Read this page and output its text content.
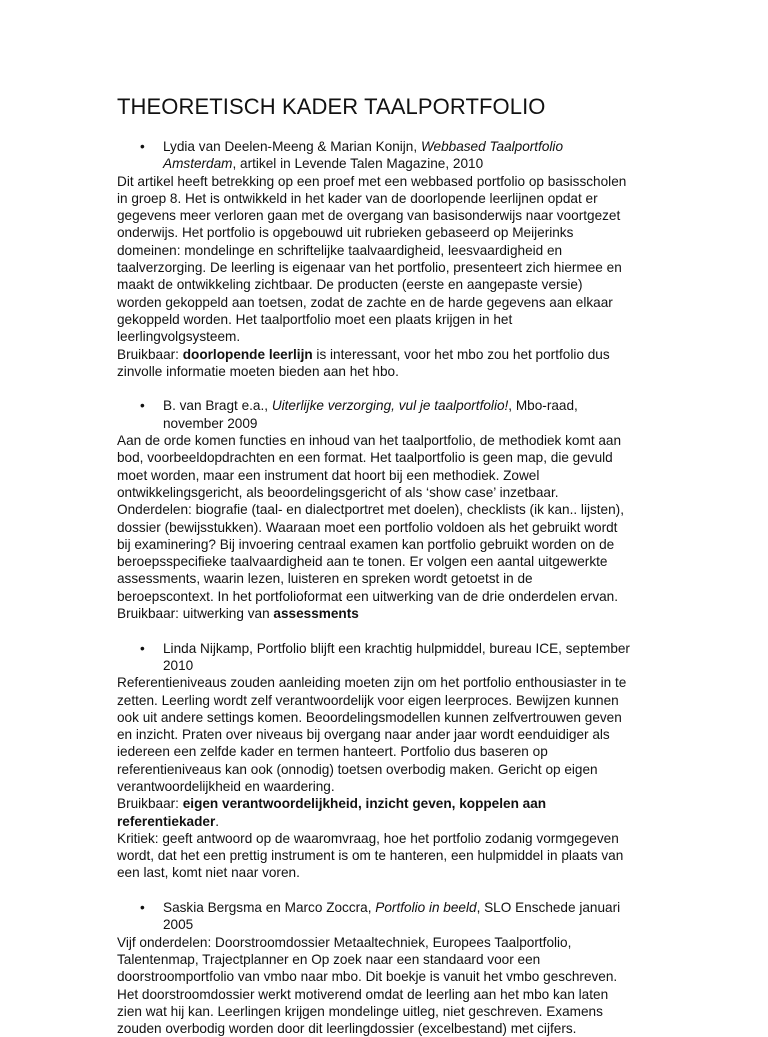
THEORETISCH KADER TAALPORTFOLIO
• Lydia van Deelen-Meeng & Marian Konijn, Webbased Taalportfolio
Amsterdam, artikel in Levende Talen Magazine, 2010
Dit artikel heeft betrekking op een proef met een webbased portfolio op basisscholen
in groep 8. Het is ontwikkeld in het kader van de doorlopende leerlijnen opdat er
gegevens meer verloren gaan met de overgang van basisonderwijs naar voortgezet
onderwijs. Het portfolio is opgebouwd uit rubrieken gebaseerd op Meijerinks
domeinen: mondelinge en schriftelijke taalvaardigheid, leesvaardigheid en
taalverzorging. De leerling is eigenaar van het portfolio, presenteert zich hiermee en
maakt de ontwikkeling zichtbaar. De producten (eerste en aangepaste versie)
worden gekoppeld aan toetsen, zodat de zachte en de harde gegevens aan elkaar
gekoppeld worden. Het taalportfolio moet een plaats krijgen in het
leerlingvolgsysteem.
Bruikbaar: doorlopende leerlijn is interessant, voor het mbo zou het portfolio dus
zinvolle informatie moeten bieden aan het hbo.
• B. van Bragt e.a., Uiterlijke verzorging, vul je taalportfolio!, Mbo-raad,
november 2009
Aan de orde komen functies en inhoud van het taalportfolio, de methodiek komt aan
bod, voorbeeldopdrachten en een format. Het taalportfolio is geen map, die gevuld
moet worden, maar een instrument dat hoort bij een methodiek. Zowel
ontwikkelingsgericht, als beoordelingsgericht of als ‘show case’ inzetbaar.
Onderdelen: biografie (taal- en dialectportret met doelen), checklists (ik kan.. lijsten),
dossier (bewijsstukken). Waaraan moet een portfolio voldoen als het gebruikt wordt
bij examinering? Bij invoering centraal examen kan portfolio gebruikt worden on de
beroepsspecifieke taalvaardigheid aan te tonen. Er volgen een aantal uitgewerkte
assessments, waarin lezen, luisteren en spreken wordt getoetst in de
beroepscontext. In het portfolioformat een uitwerking van de drie onderdelen ervan.
Bruikbaar: uitwerking van assessments
• Linda Nijkamp, Portfolio blijft een krachtig hulpmiddel, bureau ICE, september
2010
Referentieniveaus zouden aanleiding moeten zijn om het portfolio enthousiaster in te
zetten. Leerling wordt zelf verantwoordelijk voor eigen leerproces. Bewijzen kunnen
ook uit andere settings komen. Beoordelingsmodellen kunnen zelfvertrouwen geven
en inzicht. Praten over niveaus bij overgang naar ander jaar wordt eenduidiger als
iedereen een zelfde kader en termen hanteert. Portfolio dus baseren op
referentieniveaus kan ook (onnodig) toetsen overbodig maken. Gericht op eigen
verantwoordelijkheid en waardering.
Bruikbaar: eigen verantwoordelijkheid, inzicht geven, koppelen aan
referentiekader.
Kritiek: geeft antwoord op de waaromvraag, hoe het portfolio zodanig vormgegeven
wordt, dat het een prettig instrument is om te hanteren, een hulpmiddel in plaats van
een last, komt niet naar voren.
• Saskia Bergsma en Marco Zoccra, Portfolio in beeld, SLO Enschede januari
2005
Vijf onderdelen: Doorstroomdossier Metaaltechniek, Europees Taalportfolio,
Talentenmap, Trajectplanner en Op zoek naar een standaard voor een
doorstroomportfolio van vmbo naar mbo. Dit boekje is vanuit het vmbo geschreven.
Het doorstroomdossier werkt motiverend omdat de leerling aan het mbo kan laten
zien wat hij kan. Leerlingen krijgen mondelinge uitleg, niet geschreven. Examens
zouden overbodig worden door dit leerlingdossier (excelbestand) met cijfers.
